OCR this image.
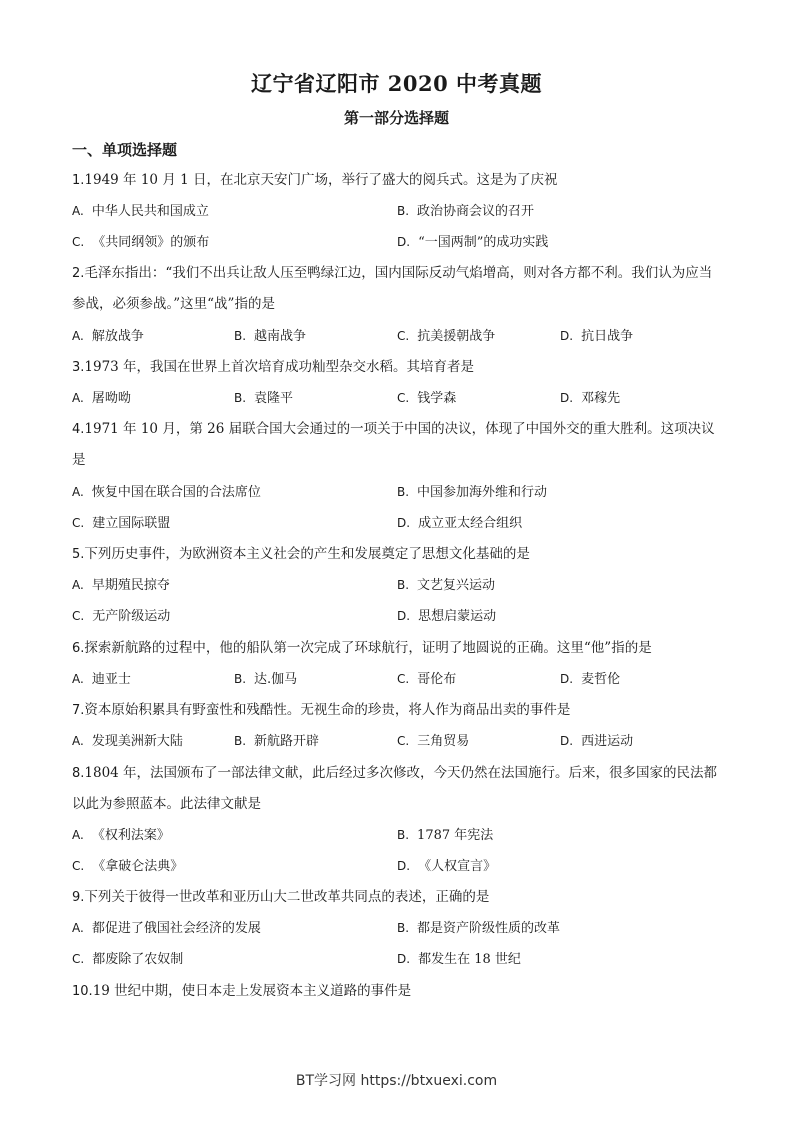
辽宁省辽阳市 2020 中考真题
第一部分选择题
一、单项选择题
1.1949 年 10 月 1 日，在北京天安门广场，举行了盛大的阅兵式。这是为了庆祝
A. 中华人民共和国成立	B. 政治协商会议的召开
C. 《共同纲领》的颁布	D. “一国两制”的成功实践
2.毛泽东指出：“我们不出兵让敌人压至鸭绿江边，国内国际反动气焰增高，则对各方都不利。我们认为应当参战，必须参战。”这里“战”指的是
A. 解放战争	B. 越南战争	C. 抗美援朝战争	D. 抗日战争
3.1973 年，我国在世界上首次培育成功籼型杂交水稻。其培育者是
A. 屠呦呦	B. 袁隆平	C. 钱学森	D. 邓稼先
4.1971 年 10 月，第 26 届联合国大会通过的一项关于中国的决议，体现了中国外交的重大胜利。这项决议是
A. 恢复中国在联合国的合法席位	B. 中国参加海外维和行动
C. 建立国际联盟	D. 成立亚太经合组织
5.下列历史事件，为欧洲资本主义社会的产生和发展奠定了思想文化基础的是
A. 早期殖民掠夺	B. 文艺复兴运动
C. 无产阶级运动	D. 思想启蒙运动
6.探索新航路的过程中，他的船队第一次完成了环球航行，证明了地圆说的正确。这里“他”指的是
A. 迪亚士	B. 达.伽马	C. 哥伦布	D. 麦哲伦
7.资本原始积累具有野蛮性和残酷性。无视生命的珍贵，将人作为商品出卖的事件是
A. 发现美洲新大陆	B. 新航路开辟	C. 三角贸易	D. 西进运动
8.1804 年，法国颁布了一部法律文献，此后经过多次修改，今天仍然在法国施行。后来，很多国家的民法都以此为参照蓝本。此法律文献是
A. 《权利法案》	B. 1787 年宪法
C. 《拿破仑法典》	D. 《人权宣言》
9.下列关于彼得一世改革和亚历山大二世改革共同点的表述，正确的是
A. 都促进了俄国社会经济的发展	B. 都是资产阶级性质的改革
C. 都废除了农奴制	D. 都发生在 18 世纪
10.19 世纪中期，使日本走上发展资本主义道路的事件是
BT学习网 https://btxuexi.com
